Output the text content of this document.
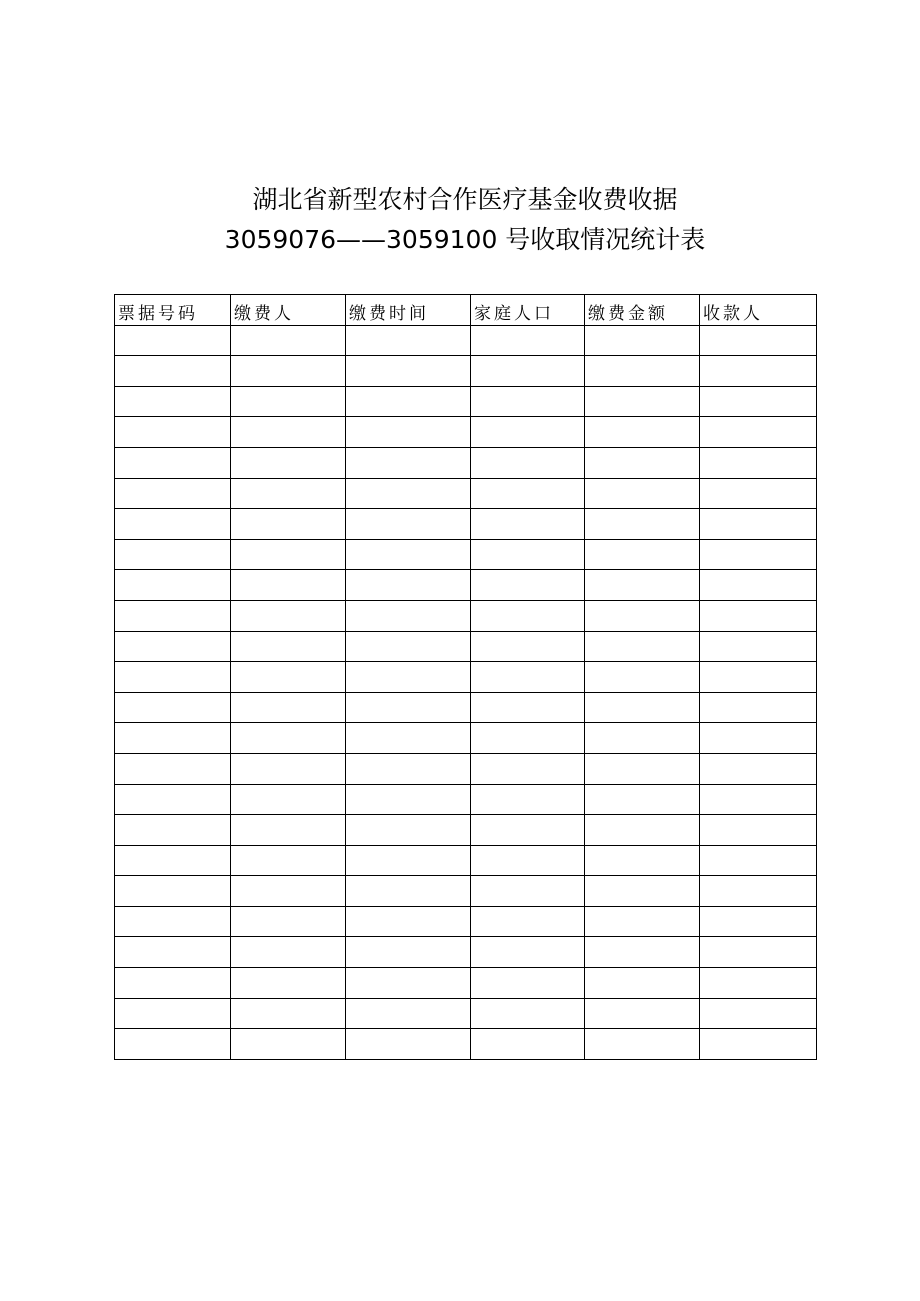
湖北省新型农村合作医疗基金收费收据
3059076——3059100 号收取情况统计表
票据号码	缴费人	缴费时间	家庭人口	缴费金额	收款人
